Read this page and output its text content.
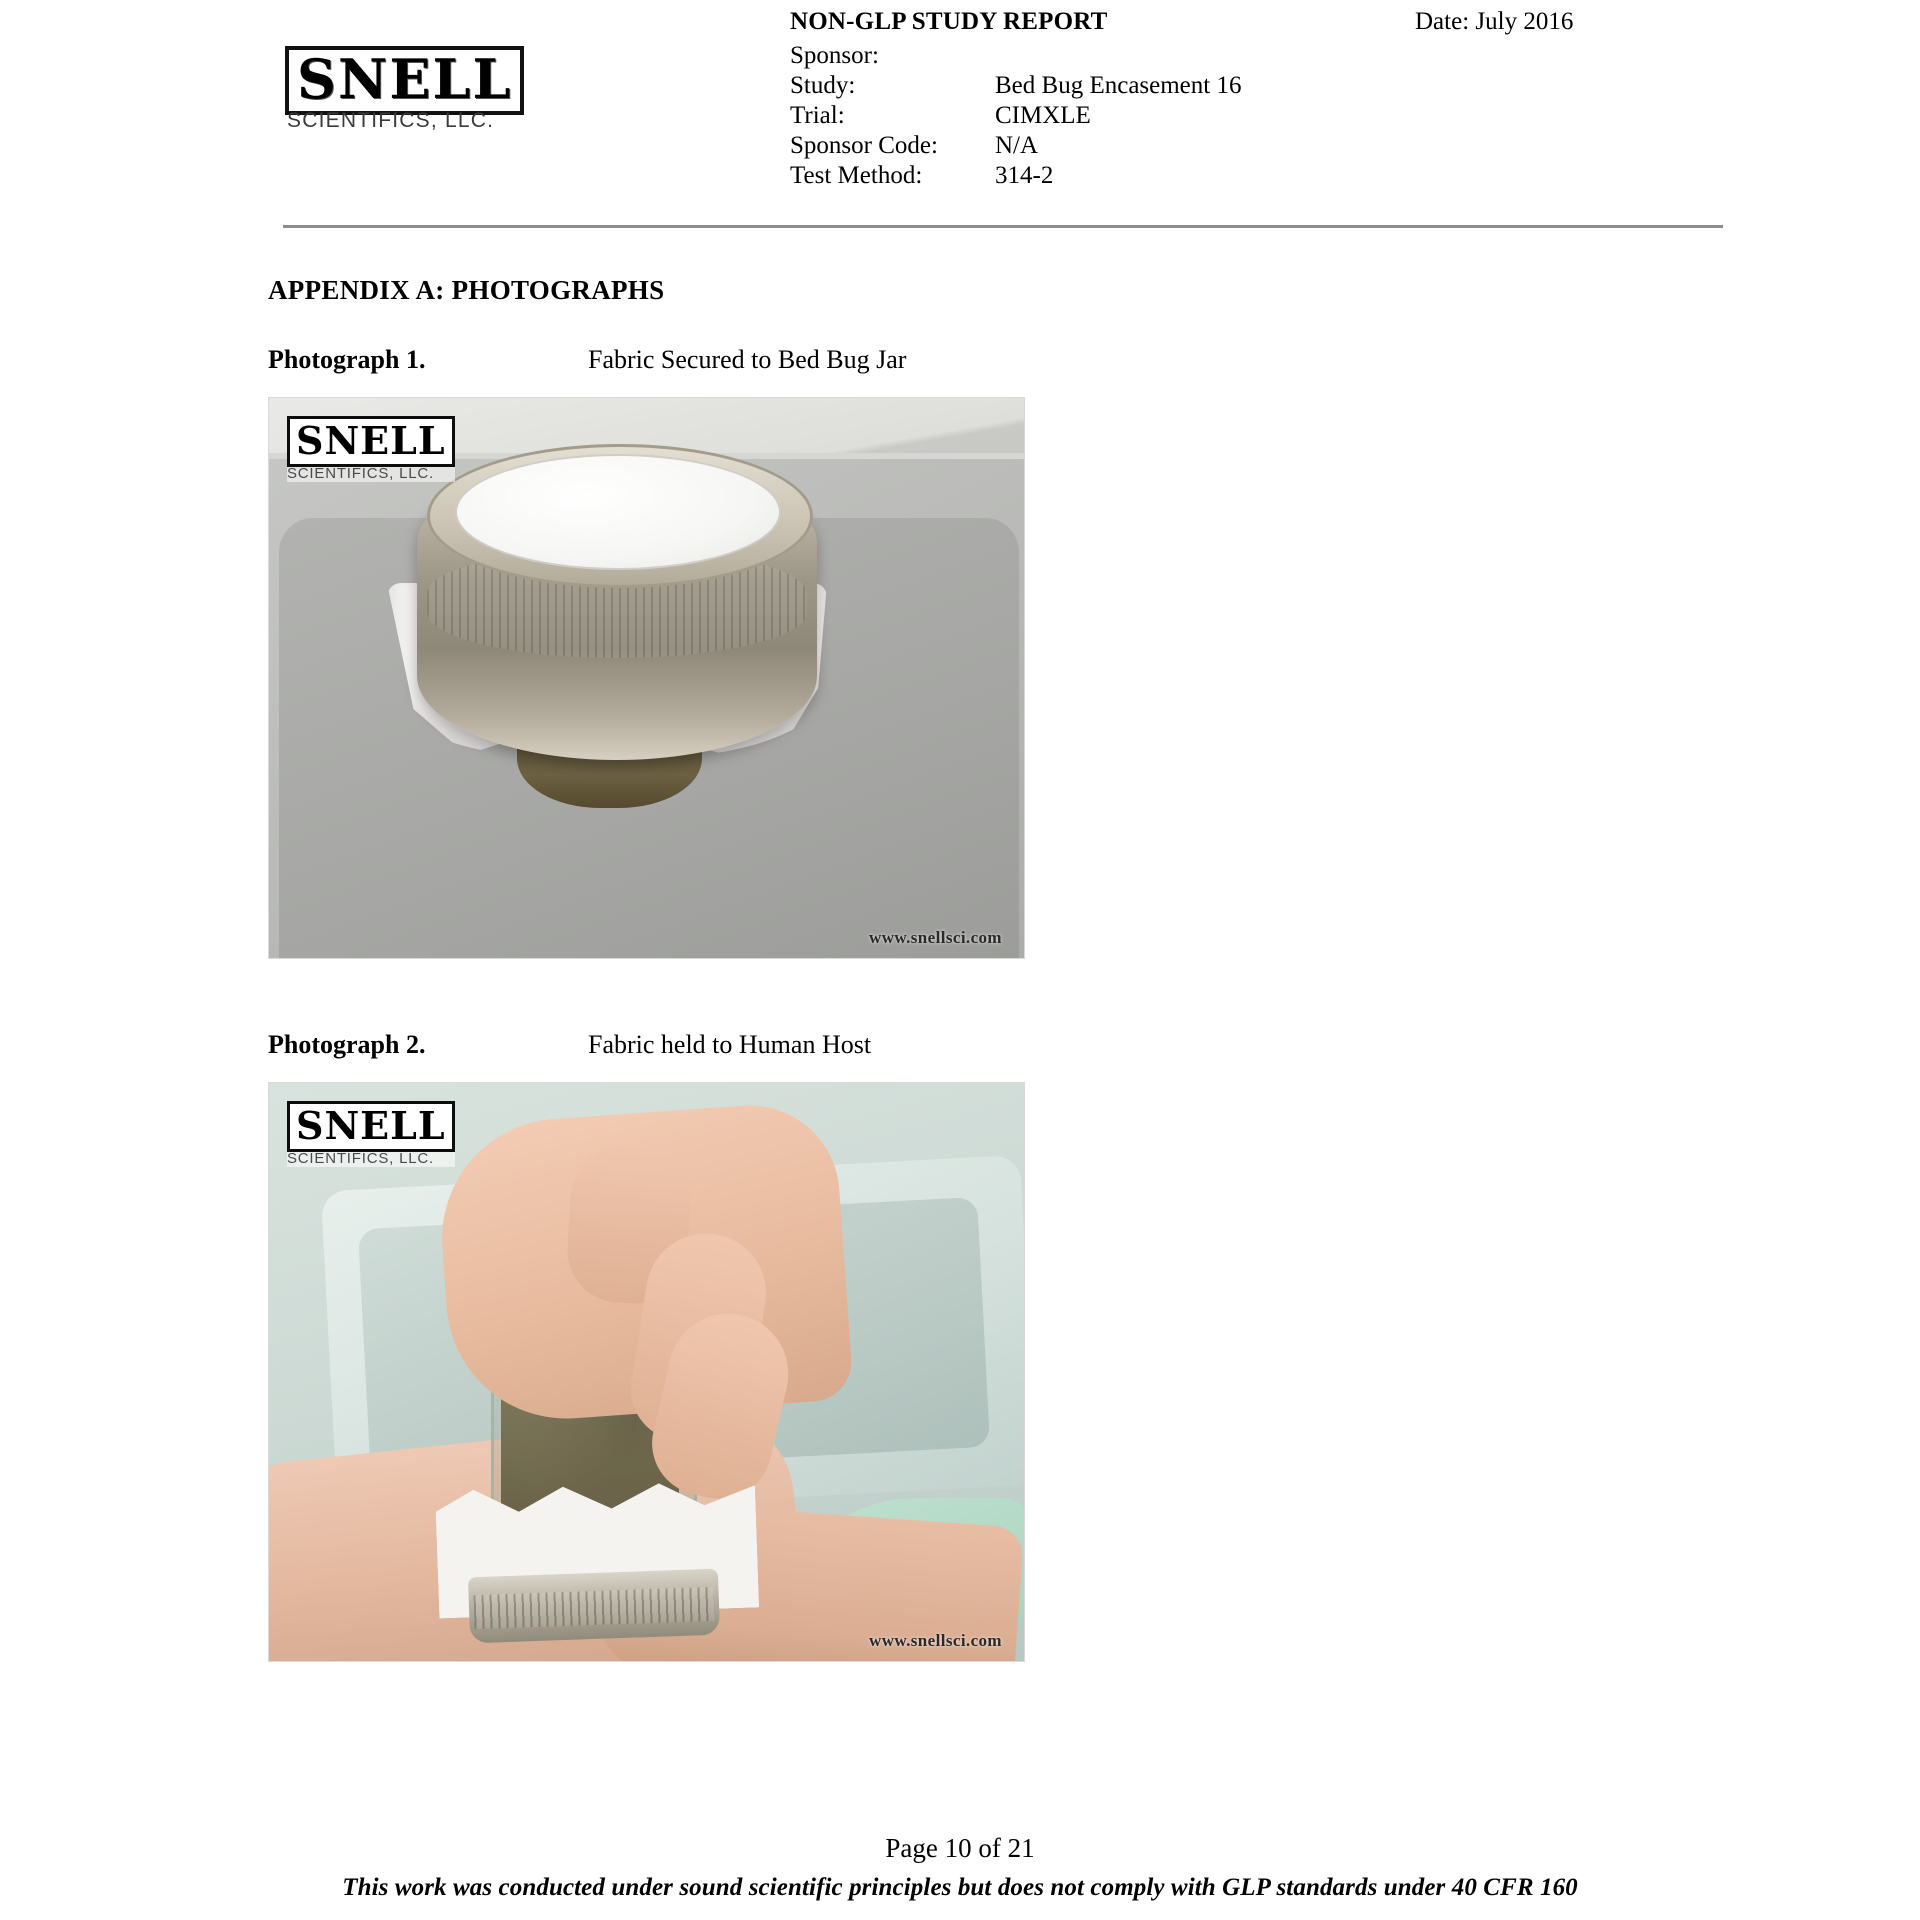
SNELL
SCIENTIFICS, LLC.
NON-GLP STUDY REPORT	Date: July 2016
Sponsor:
Study:	Bed Bug Encasement 16
Trial:	CIMXLE
Sponsor Code:	N/A
Test Method:	314-2
APPENDIX A: PHOTOGRAPHS
Photograph 1.	Fabric Secured to Bed Bug Jar
SNELL
SCIENTIFICS, LLC.
www.snellsci.com
Photograph 2.	Fabric held to Human Host
SNELL
SCIENTIFICS, LLC.
www.snellsci.com
Page 10 of 21
This work was conducted under sound scientific principles but does not comply with GLP standards under 40 CFR 160
